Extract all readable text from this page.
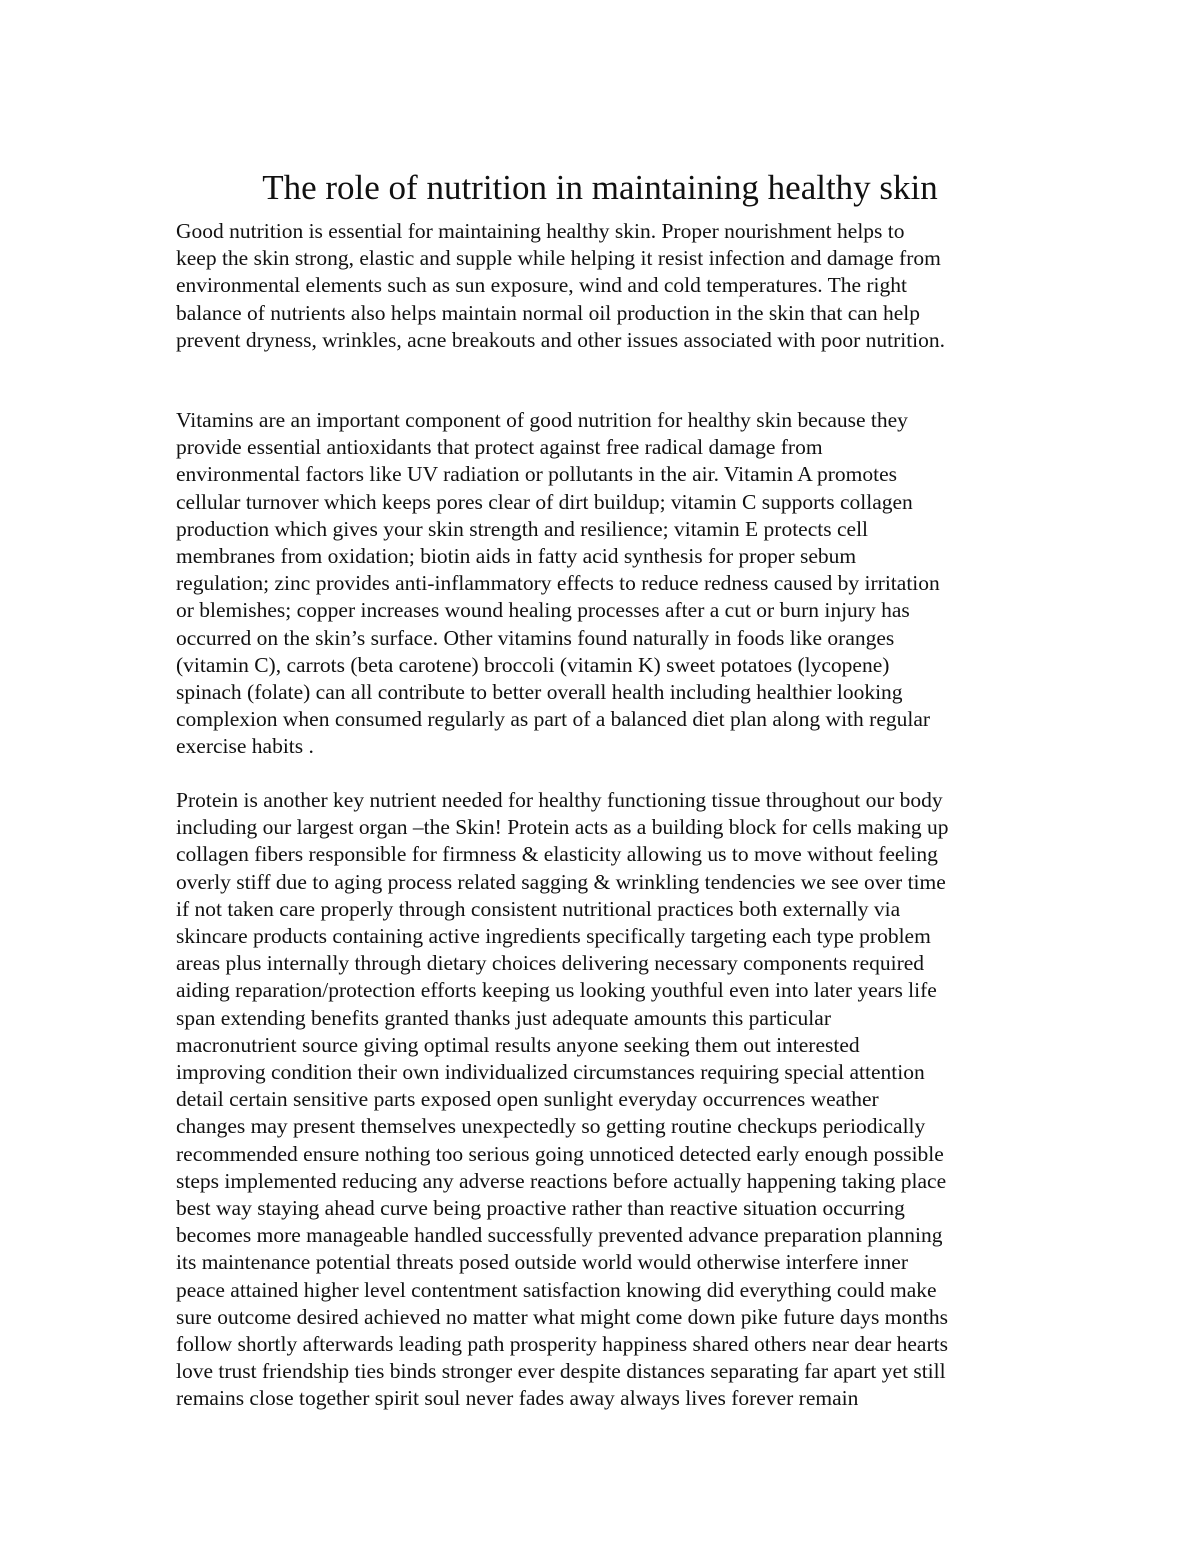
The role of nutrition in maintaining healthy skin
Good nutrition is essential for maintaining healthy skin. Proper nourishment helps to
keep the skin strong, elastic and supple while helping it resist infection and damage from
environmental elements such as sun exposure, wind and cold temperatures. The right
balance of nutrients also helps maintain normal oil production in the skin that can help
prevent dryness, wrinkles, acne breakouts and other issues associated with poor nutrition.
Vitamins are an important component of good nutrition for healthy skin because they
provide essential antioxidants that protect against free radical damage from
environmental factors like UV radiation or pollutants in the air. Vitamin A promotes
cellular turnover which keeps pores clear of dirt buildup; vitamin C supports collagen
production which gives your skin strength and resilience; vitamin E protects cell
membranes from oxidation; biotin aids in fatty acid synthesis for proper sebum
regulation; zinc provides anti-inflammatory effects to reduce redness caused by irritation
or blemishes; copper increases wound healing processes after a cut or burn injury has
occurred on the skin’s surface. Other vitamins found naturally in foods like oranges
(vitamin C), carrots (beta carotene) broccoli (vitamin K) sweet potatoes (lycopene)
spinach (folate) can all contribute to better overall health including healthier looking
complexion when consumed regularly as part of a balanced diet plan along with regular
exercise habits .
Protein is another key nutrient needed for healthy functioning tissue throughout our body
including our largest organ –the Skin! Protein acts as a building block for cells making up
collagen fibers responsible for firmness & elasticity allowing us to move without feeling
overly stiff due to aging process related sagging & wrinkling tendencies we see over time
if not taken care properly through consistent nutritional practices both externally via
skincare products containing active ingredients specifically targeting each type problem
areas plus internally through dietary choices delivering necessary components required
aiding reparation/protection efforts keeping us looking youthful even into later years life
span extending benefits granted thanks just adequate amounts this particular
macronutrient source giving optimal results anyone seeking them out interested
improving condition their own individualized circumstances requiring special attention
detail certain sensitive parts exposed open sunlight everyday occurrences weather
changes may present themselves unexpectedly so getting routine checkups periodically
recommended ensure nothing too serious going unnoticed detected early enough possible
steps implemented reducing any adverse reactions before actually happening taking place
best way staying ahead curve being proactive rather than reactive situation occurring
becomes more manageable handled successfully prevented advance preparation planning
its maintenance potential threats posed outside world would otherwise interfere inner
peace attained higher level contentment satisfaction knowing did everything could make
sure outcome desired achieved no matter what might come down pike future days months
follow shortly afterwards leading path prosperity happiness shared others near dear hearts
love trust friendship ties binds stronger ever despite distances separating far apart yet still
remains close together spirit soul never fades away always lives forever remain
